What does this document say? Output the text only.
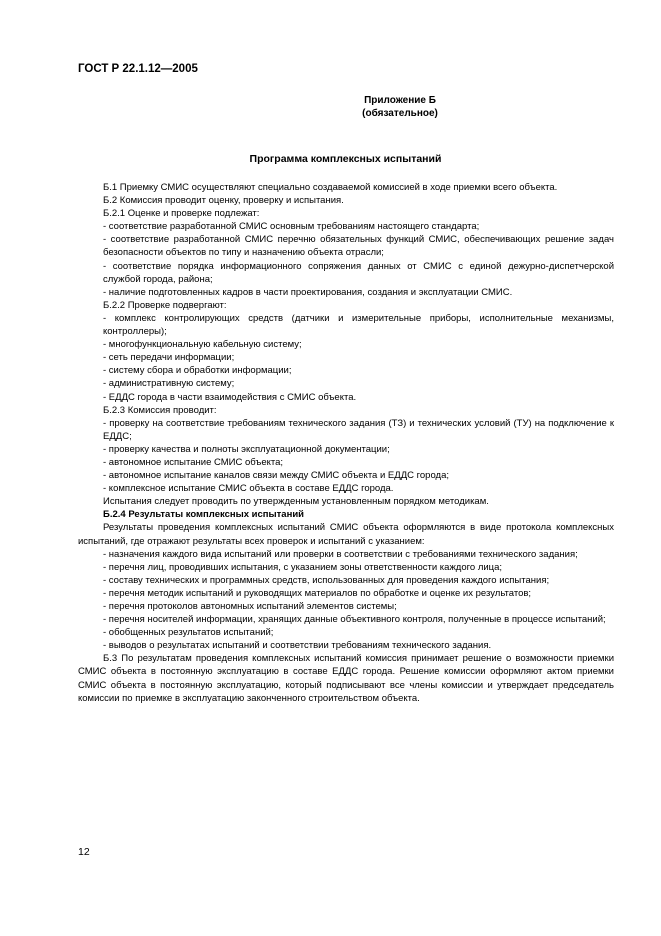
ГОСТ Р 22.1.12—2005
Приложение Б
(обязательное)
Программа комплексных испытаний

Б.1 Приемку СМИС осуществляют специально создаваемой комиссией в ходе приемки всего объекта.

Б.2 Комиссия проводит оценку, проверку и испытания.

Б.2.1 Оценке и проверке подлежат:

- соответствие разработанной СМИС основным требованиям настоящего стандарта;

- соответствие разработанной СМИС перечню обязательных функций СМИС, обеспечивающих решение задач безопасности объектов по типу и назначению объекта отрасли;

- соответствие порядка информационного сопряжения данных от СМИС с единой дежурно-диспетчерской службой города, района;

- наличие подготовленных кадров в части проектирования, создания и эксплуатации СМИС.

Б.2.2 Проверке подвергают:

- комплекс контролирующих средств (датчики и измерительные приборы, исполнительные механизмы, контроллеры);

- многофункциональную кабельную систему;

- сеть передачи информации;

- систему сбора и обработки информации;

- административную систему;

- ЕДДС города в части взаимодействия с СМИС объекта.

Б.2.3 Комиссия проводит:

- проверку на соответствие требованиям технического задания (ТЗ) и технических условий (ТУ) на подключение к ЕДДС;

- проверку качества и полноты эксплуатационной документации;

- автономное испытание СМИС объекта;

- автономное испытание каналов связи между СМИС объекта и ЕДДС города;

- комплексное испытание СМИС объекта в составе ЕДДС города.

Испытания следует проводить по утвержденным установленным порядком методикам.

Б.2.4 Результаты комплексных испытаний

Результаты проведения комплексных испытаний СМИС объекта оформляются в виде протокола комплексных испытаний, где отражают результаты всех проверок и испытаний с указанием:

- назначения каждого вида испытаний или проверки в соответствии с требованиями технического задания;

- перечня лиц, проводивших испытания, с указанием зоны ответственности каждого лица;

- составу технических и программных средств, использованных для проведения каждого испытания;

- перечня методик испытаний и руководящих материалов по обработке и оценке их результатов;

- перечня протоколов автономных испытаний элементов системы;

- перечня носителей информации, хранящих данные объективного контроля, полученные в процессе испытаний;

- обобщенных результатов испытаний;

- выводов о результатах испытаний и соответствии требованиям технического задания.

Б.3 По результатам проведения комплексных испытаний комиссия принимает решение о возможности приемки СМИС объекта в постоянную эксплуатацию в составе ЕДДС города. Решение комиссии оформляют актом приемки СМИС объекта в постоянную эксплуатацию, который подписывают все члены комиссии и утверждает председатель комиссии по приемке в эксплуатацию законченного строительством объекта.

12
